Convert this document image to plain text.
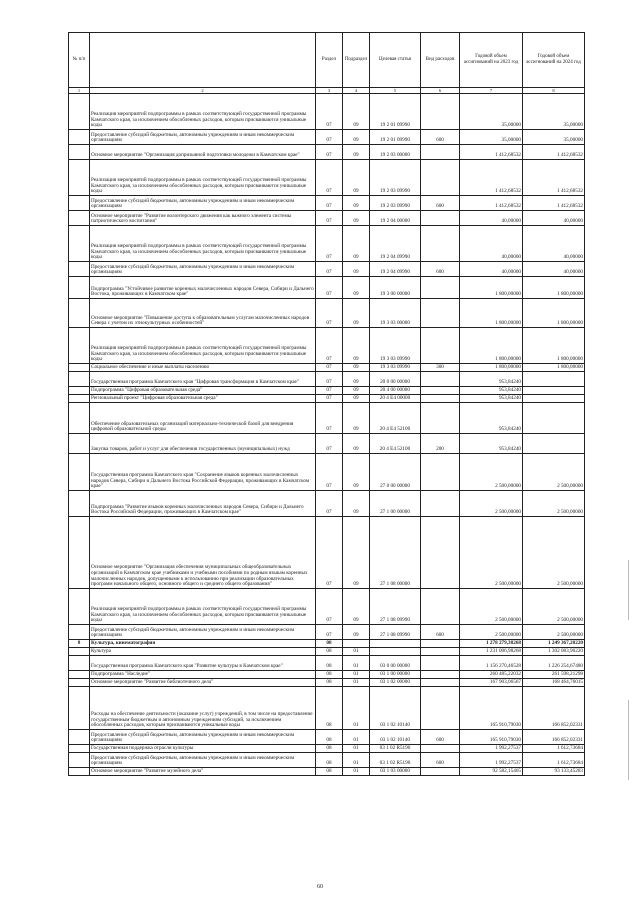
№ п/п		Раздел	Подраздел	Целевая статья	Вид расходов	Годовой объем ассигнований на 2023 год	Годовой объем ассигнований на 2024 год
1	2	3	4	5	6	7	8
	Реализация мероприятий подпрограммы в рамках соответствующей государственной программы Камчатского края, за исключением обособленных расходов, которым присваиваются уникальные коды	07	09	19 2 01 09990		35,00000	35,00000
	Предоставление субсидий бюджетным, автономным учреждениям и иным некоммерческим организациям	07	09	19 2 01 09990	600	35,00000	35,00000
	Основное мероприятие "Организация допризывной подготовки молодежи в Камчатском крае"	07	09	19 2 03 00000		1 412,68532	1 412,68532
	Реализация мероприятий подпрограммы в рамках соответствующей государственной программы Камчатского края, за исключением обособленных расходов, которым присваиваются уникальные коды	07	09	19 2 03 09990		1 412,68532	1 412,68532
	Предоставление субсидий бюджетным, автономным учреждениям и иным некоммерческим организациям	07	09	19 2 03 09990	600	1 412,68532	1 412,68532
	Основное мероприятие "Развитие волонтерского движения как важного элемента системы патриотического воспитания"	07	09	19 2 04 00000		40,00000	40,00000
	Реализация мероприятий подпрограммы в рамках соответствующей государственной программы Камчатского края, за исключением обособленных расходов, которым присваиваются уникальные коды	07	09	19 2 04 09990		40,00000	40,00000
	Предоставление субсидий бюджетным, автономным учреждениям и иным некоммерческим организациям	07	09	19 2 04 09990	600	40,00000	40,00000
	Подпрограмма "Устойчивое развитие коренных малочисленных народов Севера, Сибири и Дальнего Востока, проживающих в Камчатском крае"	07	09	19 3 00 00000		1 800,00000	1 800,00000
	Основное мероприятие "Повышение доступа к образовательным услугам малочисленных народов Севера с учетом их этнокультурных особенностей"	07	09	19 3 03 00000		1 800,00000	1 800,00000
	Реализация мероприятий подпрограммы в рамках соответствующей государственной программы Камчатского края, за исключением обособленных расходов, которым присваиваются уникальные коды	07	09	19 3 03 09990		1 800,00000	1 800,00000
	Социальное обеспечение и иные выплаты населению	07	09	19 3 03 09990	300	1 800,00000	1 800,00000
	Государственная программа Камчатского края "Цифровая трансформация в Камчатском крае"	07	09	20 0 00 00000		953,84240	
	Подпрограмма "Цифровая образовательная среда"	07	09	20 4 00 00000		953,84240	
	Региональный проект "Цифровая образовательная среда"	07	09	20 4 E4 00000		953,84240	
	Обеспечение образовательных организаций материально-технической базой для внедрения цифровой образовательной среды	07	09	20 4 E4 52100		953,84240	
	Закупка товаров, работ и услуг для обеспечения государственных (муниципальных) нужд	07	09	20 4 E4 52100	200	953,84240	
	Государственная программа Камчатского края "Сохранение языков коренных малочисленных народов Севера, Сибири и Дальнего Востока Российской Федерации, проживающих в Камчатском крае"	07	09	27 0 00 00000		2 500,00000	2 500,00000
	Подпрограмма "Развитие языков коренных малочисленных народов Севера, Сибири и Дальнего Востока Российской Федерации, проживающих в Камчатском крае"	07	09	27 1 00 00000		2 500,00000	2 500,00000
	Основное мероприятие "Организация обеспечения муниципальных общеобразовательных организаций в Камчатском крае учебниками и учебными пособиями по родным языкам коренных малочисленных народов, допущенными к использованию при реализации образовательных программ начального общего, основного общего и среднего общего образования"	07	09	27 1 08 00000		2 500,00000	2 500,00000
	Реализация мероприятий подпрограммы в рамках соответствующей государственной программы Камчатского края, за исключением обособленных расходов, которым присваиваются уникальные коды	07	09	27 1 08 09990		2 500,00000	2 500,00000
	Предоставление субсидий бюджетным, автономным учреждениям и иным некоммерческим организациям	07	09	27 1 08 09990	600	2 500,00000	2 500,00000
8	Культура, кинематография	08				1 278 279,38268	1 249 367,20220
	Культура	08	01			1 231 006,98268	1 302 083,90220
	Государственная программа Камчатского края "Развитие культуры в Камчатском крае"	08	01	03 0 00 00000		1 156 270,46528	1 226 254,67480
	Подпрограмма "Наследие"	08	01	03 1 00 00000		260 485,22032	261 598,21298
	Основное мероприятие "Развитие библиотечного дела"	08	01	03 1 02 00000		167 903,06567	168 464,76015
	Расходы на обеспечение деятельности (оказание услуг) учреждений, в том числе на предоставление государственным бюджетным и автономным учреждениям субсидий, за исключением обособленных расходов, которым присваиваются уникальные коды	08	01	03 1 02 10140		165 910,79030	166 852,02331
	Предоставление субсидий бюджетным, автономным учреждениям и иным некоммерческим организациям	08	01	03 1 02 10140	600	165 910,79030	166 852,02331
	Государственная поддержка отрасли культуры	08	01	03 1 02 R5190		1 992,27537	1 612,73684
	Предоставление субсидий бюджетным, автономным учреждениям и иным некоммерческим организациям	08	01	03 1 02 R5190	600	1 992,27537	1 612,73684
	Основное мероприятие "Развитие музейного дела"	08	01	03 1 03 00000		92 582,15465	93 133,45283
60
